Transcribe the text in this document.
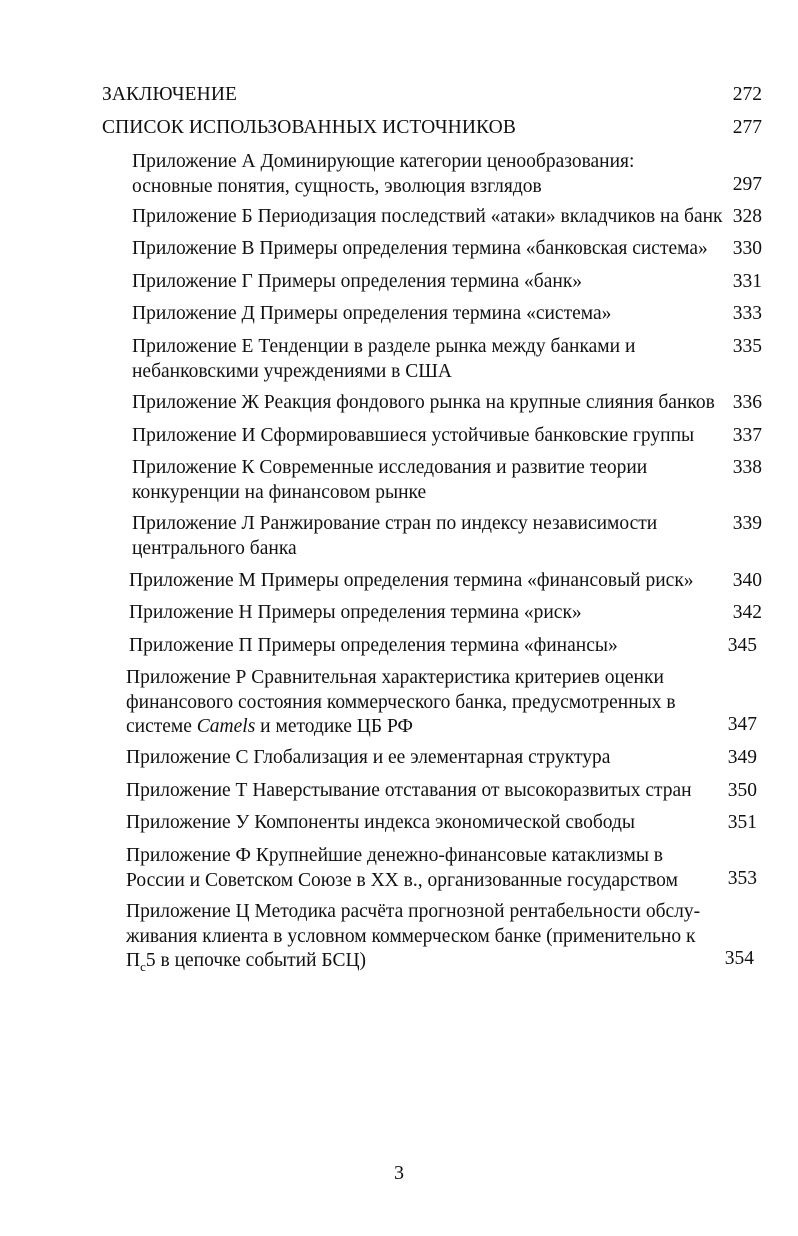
ЗАКЛЮЧЕНИЕ	272
СПИСОК ИСПОЛЬЗОВАННЫХ ИСТОЧНИКОВ	277
Приложение А Доминирующие категории ценообразования:
основные понятия, сущность, эволюция взглядов	297
Приложение Б Периодизация последствий «атаки» вкладчиков на банк 328
Приложение В Примеры определения термина «банковская система»	330
Приложение Г Примеры определения термина «банк»	331
Приложение Д Примеры определения термина «система»	333
Приложение Е Тенденции в разделе рынка между банками и
небанковскими учреждениями в США
335
Приложение Ж Реакция фондового рынка на крупные слияния банков 336
Приложение И Сформировавшиеся устойчивые банковские группы	337
Приложение К Современные исследования и развитие теории
конкуренции на финансовом рынке
338
Приложение Л Ранжирование стран по индексу независимости
центрального банка
339
Приложение М Примеры определения термина «финансовый риск»	340
Приложение Н Примеры определения термина «риск»	342
Приложение П Примеры определения термина «финансы»	345
Приложение Р Сравнительная характеристика критериев оценки
финансового состояния коммерческого банка, предусмотренных в
системе Camels и методике ЦБ РФ	347
Приложение С Глобализация и ее элементарная структура	349
Приложение Т Наверстывание отставания от высокоразвитых стран	350
Приложение У Компоненты индекса экономической свободы	351
Приложение Ф Крупнейшие денежно-финансовые катаклизмы в
России и Советском Союзе в XX в., организованные государством	353
Приложение Ц Методика расчёта прогнозной рентабельности обслу-
живания клиента в условном коммерческом банке (применительно к
$П_с5$ в цепочке событий БСЦ)	354
3
